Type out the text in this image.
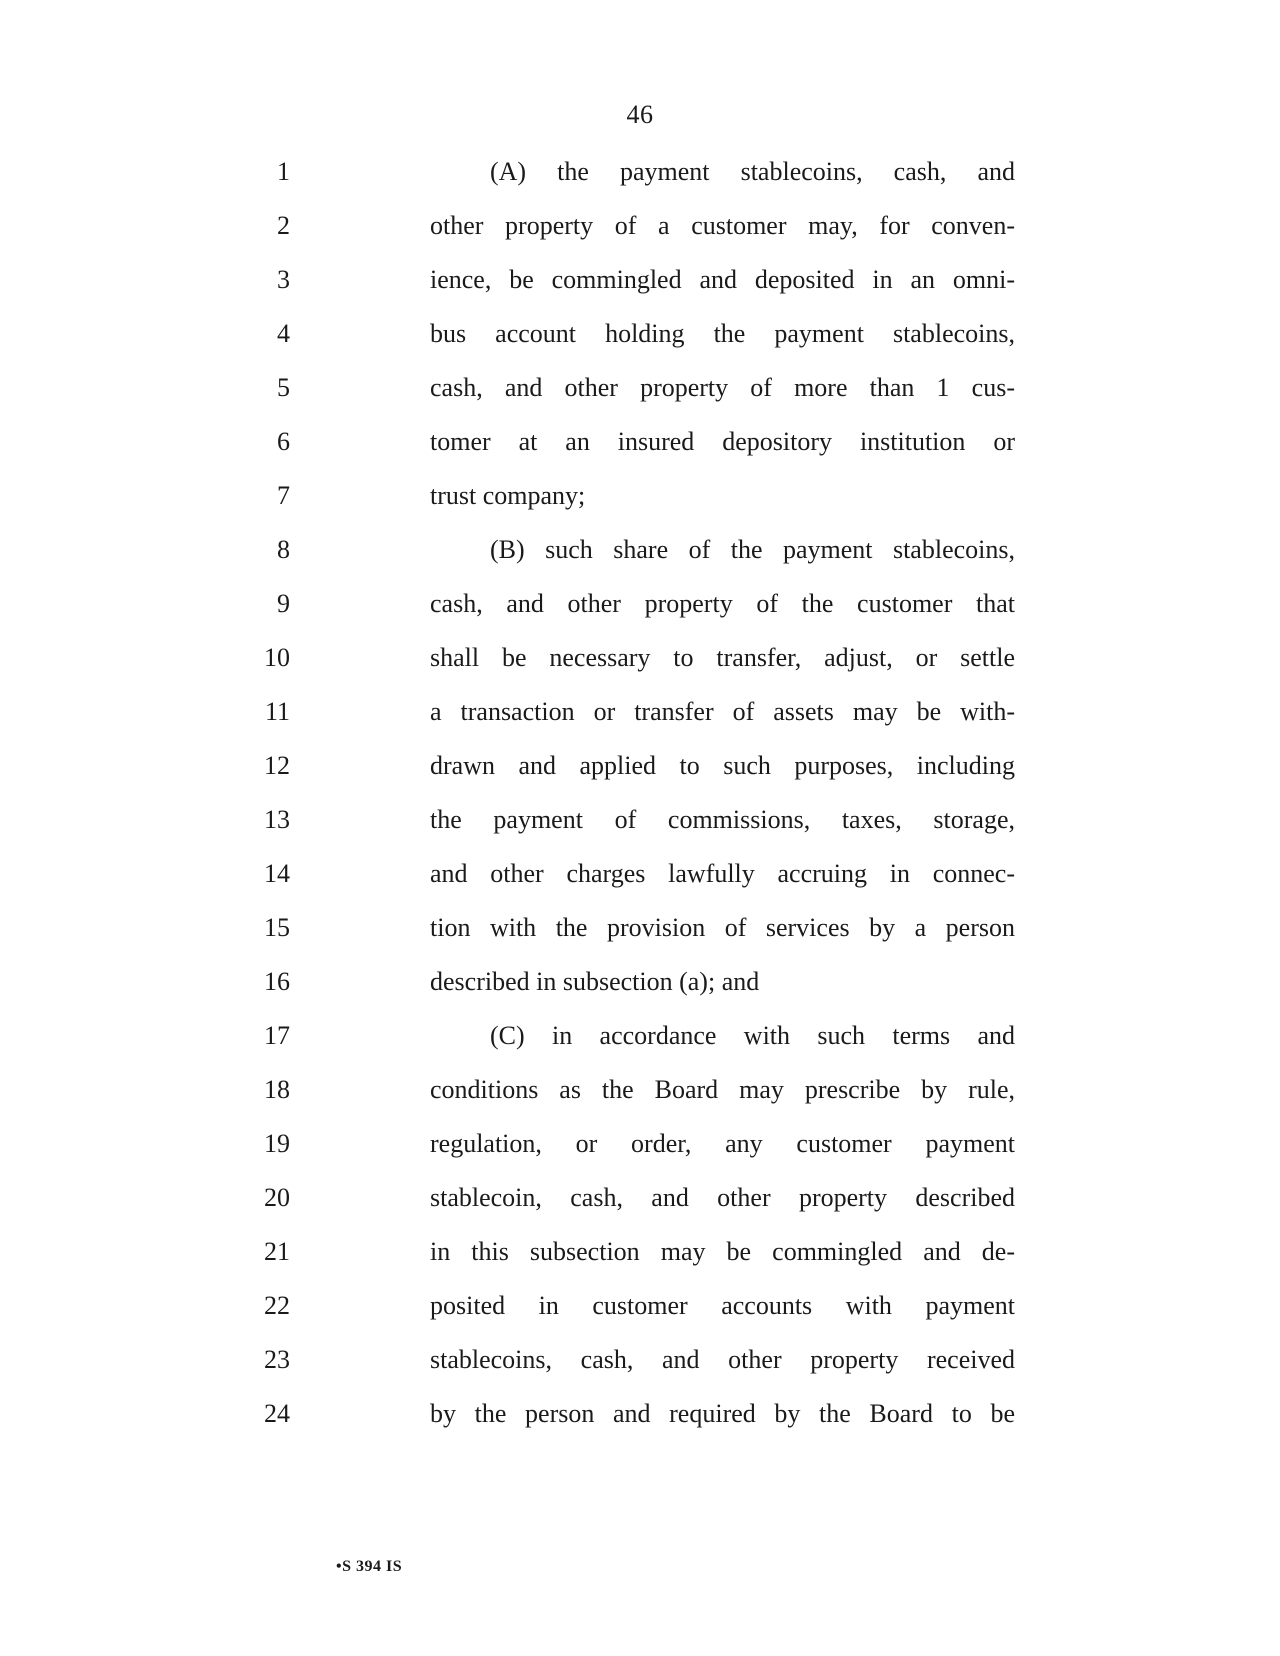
46
1	(A) the payment stablecoins, cash, and
2	other property of a customer may, for conven-
3	ience, be commingled and deposited in an omni-
4	bus account holding the payment stablecoins,
5	cash, and other property of more than 1 cus-
6	tomer at an insured depository institution or
7	trust company;
8	(B) such share of the payment stablecoins,
9	cash, and other property of the customer that
10	shall be necessary to transfer, adjust, or settle
11	a transaction or transfer of assets may be with-
12	drawn and applied to such purposes, including
13	the payment of commissions, taxes, storage,
14	and other charges lawfully accruing in connec-
15	tion with the provision of services by a person
16	described in subsection (a); and
17	(C) in accordance with such terms and
18	conditions as the Board may prescribe by rule,
19	regulation, or order, any customer payment
20	stablecoin, cash, and other property described
21	in this subsection may be commingled and de-
22	posited in customer accounts with payment
23	stablecoins, cash, and other property received
24	by the person and required by the Board to be
•S 394 IS
